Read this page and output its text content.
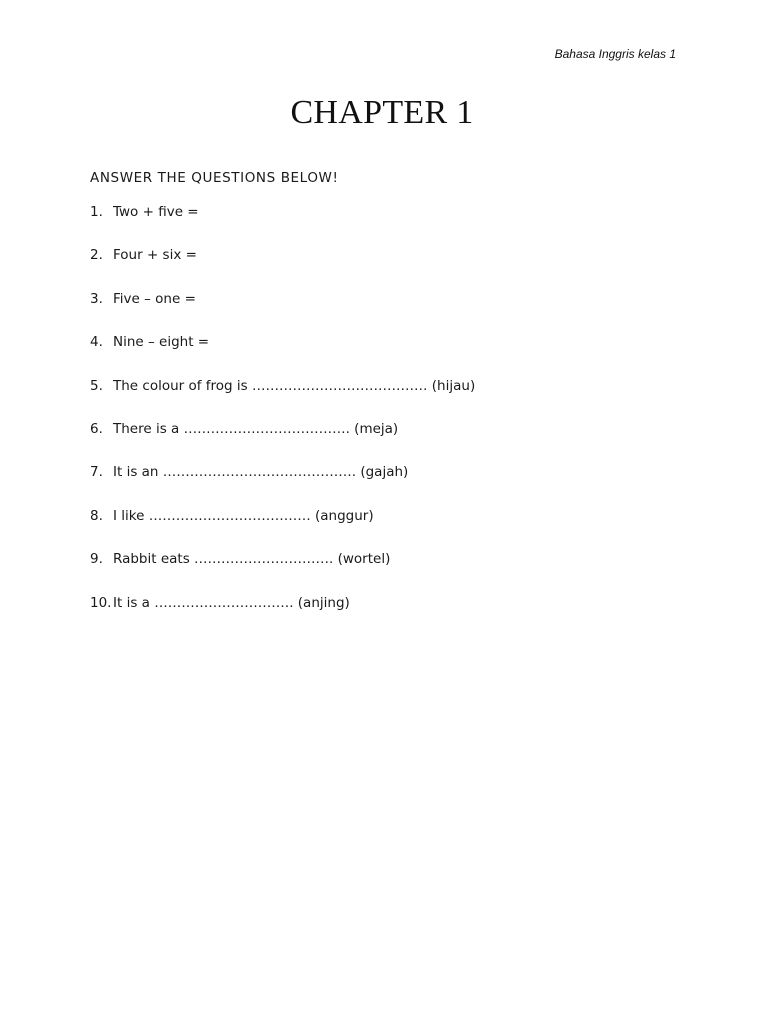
Bahasa Inggris kelas 1
CHAPTER 1
ANSWER THE QUESTIONS BELOW!
1. Two + five =
2. Four + six =
3. Five – one =
4. Nine – eight =
5. The colour of frog is ………………………………… (hijau)
6. There is a ………………………………. (meja)
7. It is an ……………………………………. (gajah)
8. I like ……………………………… (anggur)
9. Rabbit eats …………………………. (wortel)
10. It is a …………………………. (anjing)
